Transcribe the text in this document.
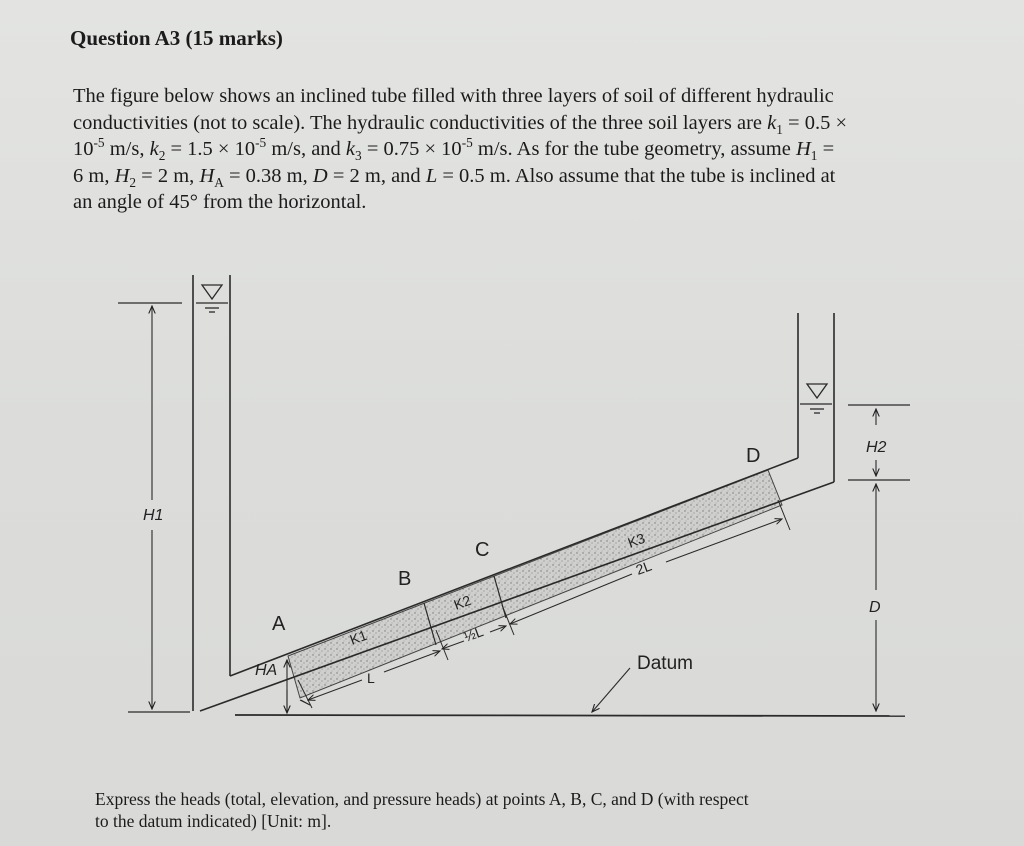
Question A3 (15 marks)
The figure below shows an inclined tube filled with three layers of soil of different hydraulic
conductivities (not to scale). The hydraulic conductivities of the three soil layers are $k_1 = 0.5$ ×
$10^{-5}$ m/s, $k_2 = 1.5 \times 10^{-5}$ m/s, and $k_3 = 0.75 \times 10^{-5}$ m/s. As for the tube geometry, assume $H_1$ =
6 m, $H_2 = 2$ m, $H_A = 0.38$ m, D = 2 m, and L = 0.5 m. Also assume that the tube is inclined at
an angle of 45° from the horizontal.
A
B
C
D
K1
K2
K3
L
½L
2L
H1
H2
HA
D
Datum
Express the heads (total, elevation, and pressure heads) at points A, B, C, and D (with respect
to the datum indicated) [Unit: m].
